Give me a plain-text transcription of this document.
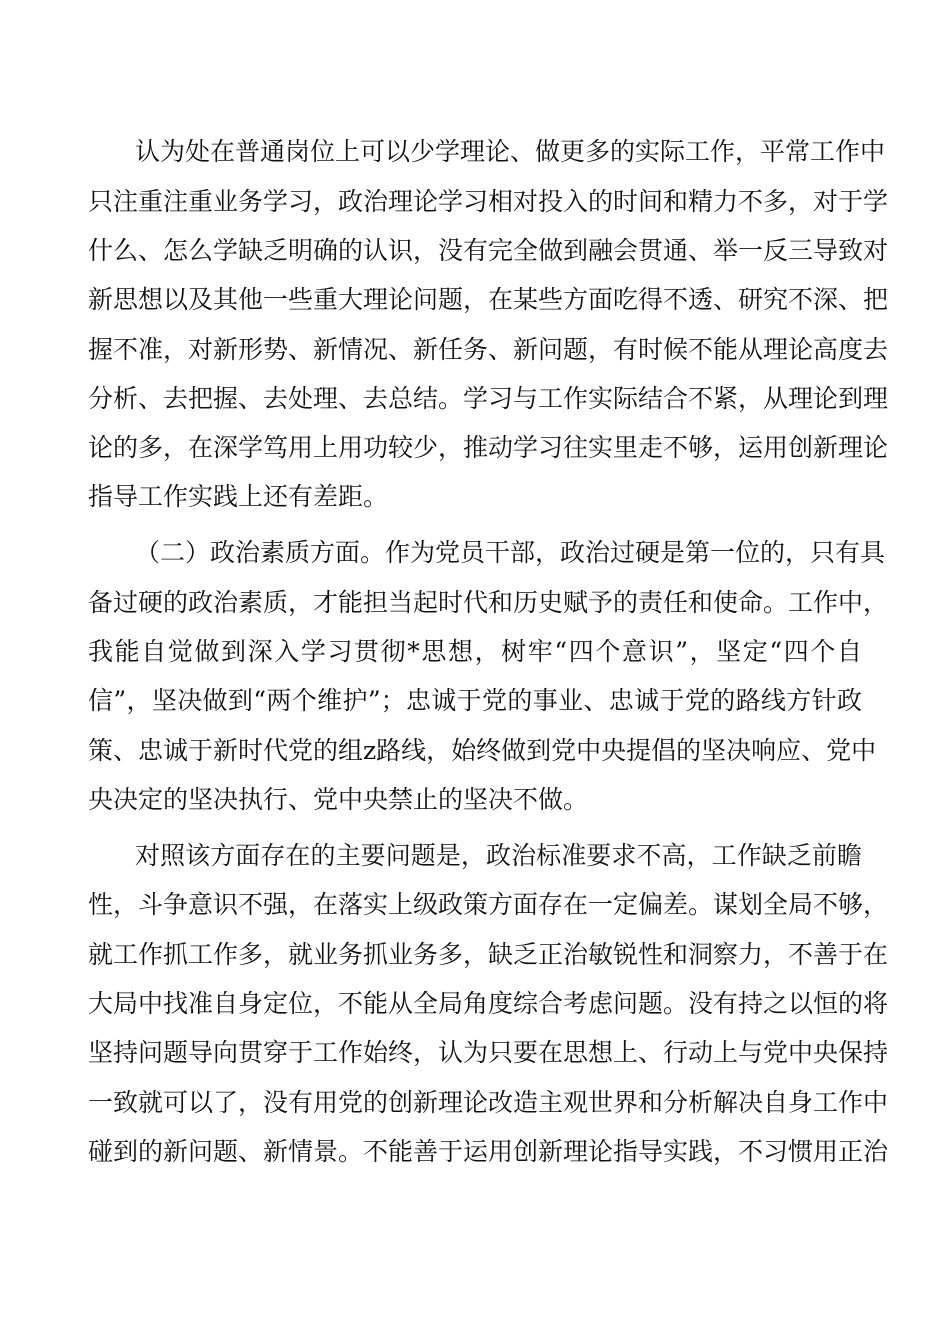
认为处在普通岗位上可以少学理论、做更多的实际工作，平常工作中
只注重注重业务学习，政治理论学习相对投入的时间和精力不多，对于学
什么、怎么学缺乏明确的认识，没有完全做到融会贯通、举一反三导致对
新思想以及其他一些重大理论问题，在某些方面吃得不透、研究不深、把
握不准，对新形势、新情况、新任务、新问题，有时候不能从理论高度去
分析、去把握、去处理、去总结。学习与工作实际结合不紧，从理论到理
论的多，在深学笃用上用功较少，推动学习往实里走不够，运用创新理论
指导工作实践上还有差距。
（二）政治素质方面。作为党员干部，政治过硬是第一位的，只有具
备过硬的政治素质，才能担当起时代和历史赋予的责任和使命。工作中，
我能自觉做到深入学习贯彻*思想，树牢“四个意识”，坚定“四个自
信”，坚决做到“两个维护”；忠诚于党的事业、忠诚于党的路线方针政
策、忠诚于新时代党的组z路线，始终做到党中央提倡的坚决响应、党中
央决定的坚决执行、党中央禁止的坚决不做。
对照该方面存在的主要问题是，政治标准要求不高，工作缺乏前瞻
性，斗争意识不强，在落实上级政策方面存在一定偏差。谋划全局不够，
就工作抓工作多，就业务抓业务多，缺乏正治敏锐性和洞察力，不善于在
大局中找准自身定位，不能从全局角度综合考虑问题。没有持之以恒的将
坚持问题导向贯穿于工作始终，认为只要在思想上、行动上与党中央保持
一致就可以了，没有用党的创新理论改造主观世界和分析解决自身工作中
碰到的新问题、新情景。不能善于运用创新理论指导实践，不习惯用正治
